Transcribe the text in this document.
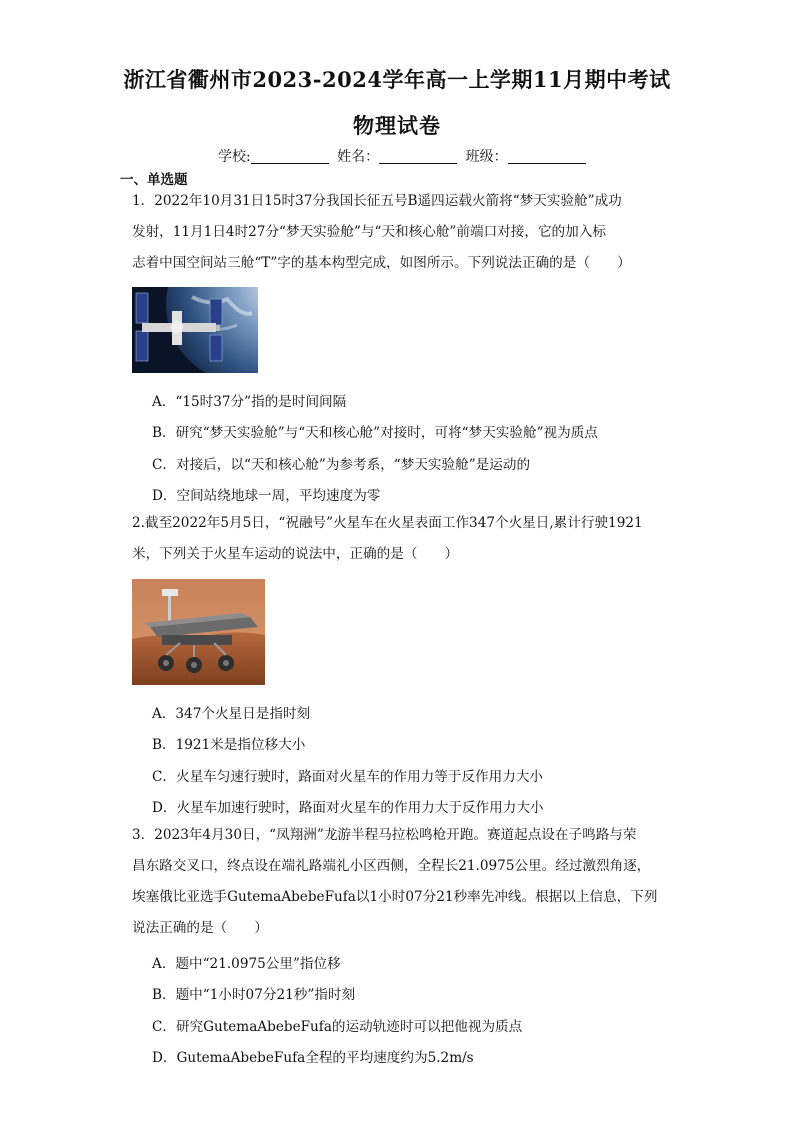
浙江省衢州市2023-2024学年高一上学期11月期中考试
物理试卷
学校:	姓名：	班级：
一、单选题
1．2022年10月31日15时37分我国长征五号B遥四运载火箭将“梦天实验舱”成功
发射，11月1日4时27分“梦天实验舱”与“天和核心舱”前端口对接，它的加入标
志着中国空间站三舱“T”字的基本构型完成，如图所示。下列说法正确的是（　　）
A．“15时37分”指的是时间间隔
B．研究“梦天实验舱”与“天和核心舱”对接时，可将“梦天实验舱”视为质点
C．对接后，以“天和核心舱”为参考系，“梦天实验舱”是运动的
D．空间站绕地球一周，平均速度为零
2.截至2022年5月5日，“祝融号”火星车在火星表面工作347个火星日,累计行驶1921
米，下列关于火星车运动的说法中，正确的是（　　）
A．347个火星日是指时刻
B．1921米是指位移大小
C．火星车匀速行驶时，路面对火星车的作用力等于反作用力大小
D．火星车加速行驶时，路面对火星车的作用力大于反作用力大小
3．2023年4月30日，“凤翔洲”龙游半程马拉松鸣枪开跑。赛道起点设在子鸣路与荣
昌东路交叉口，终点设在端礼路端礼小区西侧，全程长21.0975公里。经过激烈角逐，
埃塞俄比亚选手GutemaAbebeFufa以1小时07分21秒率先冲线。根据以上信息，下列
说法正确的是（　　）
A．题中“21.0975公里”指位移
B．题中“1小时07分21秒”指时刻
C．研究GutemaAbebeFufa的运动轨迹时可以把他视为质点
D．GutemaAbebeFufa全程的平均速度约为5.2m/s
